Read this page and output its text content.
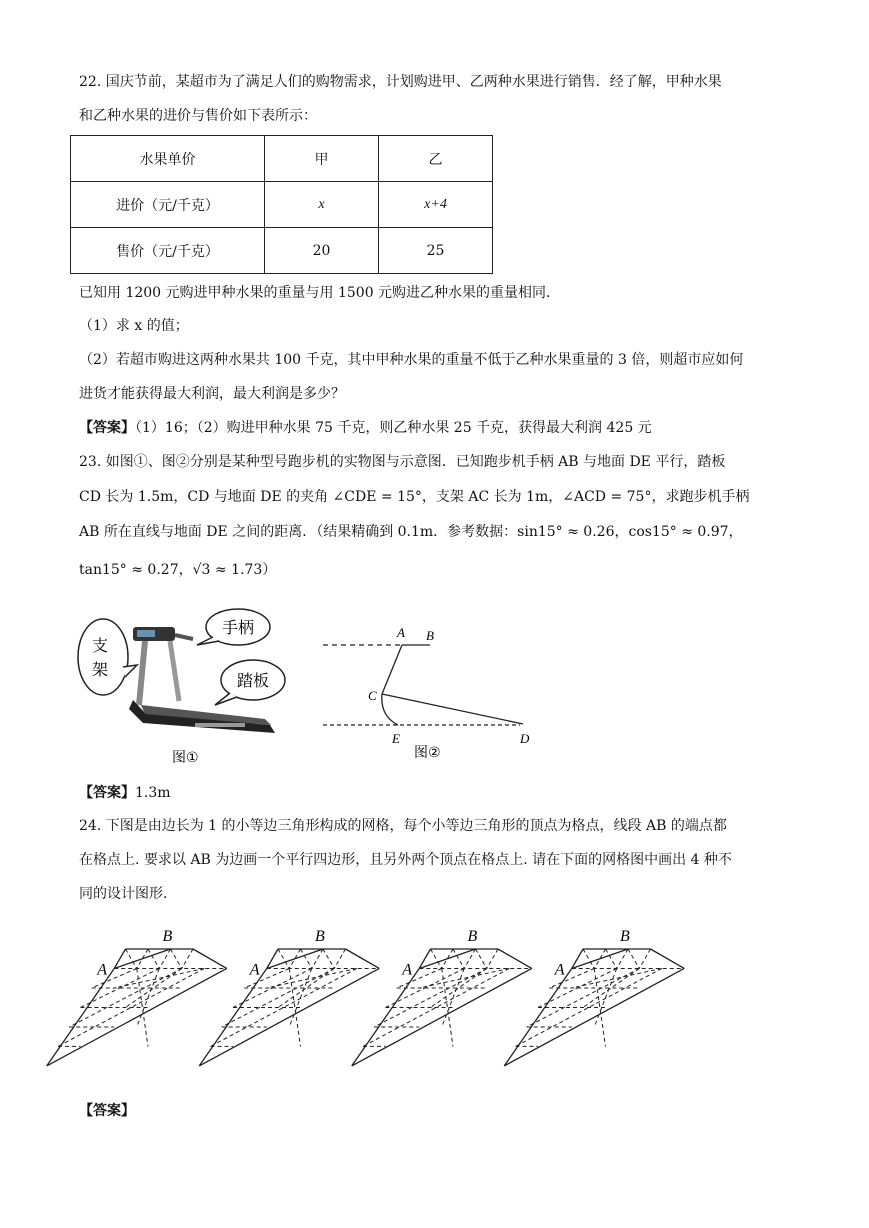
22. 国庆节前，某超市为了满足人们的购物需求，计划购进甲、乙两种水果进行销售．经了解，甲种水果
和乙种水果的进价与售价如下表所示：
水果单价	甲	乙
进价（元/千克）	x	x+4
售价（元/千克）	20	25
已知用 1200 元购进甲种水果的重量与用 1500 元购进乙种水果的重量相同.
（1）求 x 的值；
（2）若超市购进这两种水果共 100 千克，其中甲种水果的重量不低于乙种水果重量的 3 倍，则超市应如何
进货才能获得最大利润，最大利润是多少？
【答案】（1）16；（2）购进甲种水果 75 千克，则乙种水果 25 千克，获得最大利润 425 元
23. 如图①、图②分别是某种型号跑步机的实物图与示意图．已知跑步机手柄 AB 与地面 DE 平行，踏板
CD 长为 1.5m，CD 与地面 DE 的夹角 ∠CDE = 15°，支架 AC 长为 1m，∠ACD = 75°，求跑步机手柄
AB 所在直线与地面 DE 之间的距离．（结果精确到 0.1m．参考数据：sin15° ≈ 0.26，cos15° ≈ 0.97，
tan15° ≈ 0.27，√3 ≈ 1.73）
支
架
手柄
踏板
图①
A B
C
E	D
图②
【答案】1.3m
24. 下图是由边长为 1 的小等边三角形构成的网格，每个小等边三角形的顶点为格点，线段 AB 的端点都
在格点上. 要求以 AB 为边画一个平行四边形，且另外两个顶点在格点上. 请在下面的网格图中画出 4 种不
同的设计图形.
A
B
A
B
A
B
A
B
【答案】
